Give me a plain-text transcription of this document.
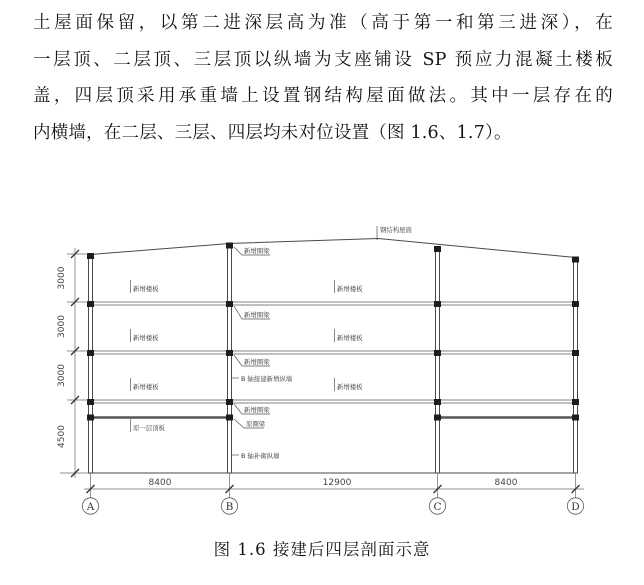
土屋面保留，以第二进深层高为准（高于第一和第三进深），在
一层顶、二层顶、三层顶以纵墙为支座铺设 SP 预应力混凝土楼板
盖，四层顶采用承重墙上设置钢结构屋面做法。其中一层存在的
内横墙，在二层、三层、四层均未对位设置（图 1.6、1.7）。
钢结构屋面
新增圈梁
新增圈梁
新增圈梁
新增圈梁
原圈梁
新增楼板	新增楼板
新增楼板	新增楼板
新增楼板	新增楼板
原一层顶板
B 轴接建新增纵墙
B 轴补砌纵墙
3000
3000
3000
4500
8400	12900	8400
A	B	C	D
图 1.6 接建后四层剖面示意
